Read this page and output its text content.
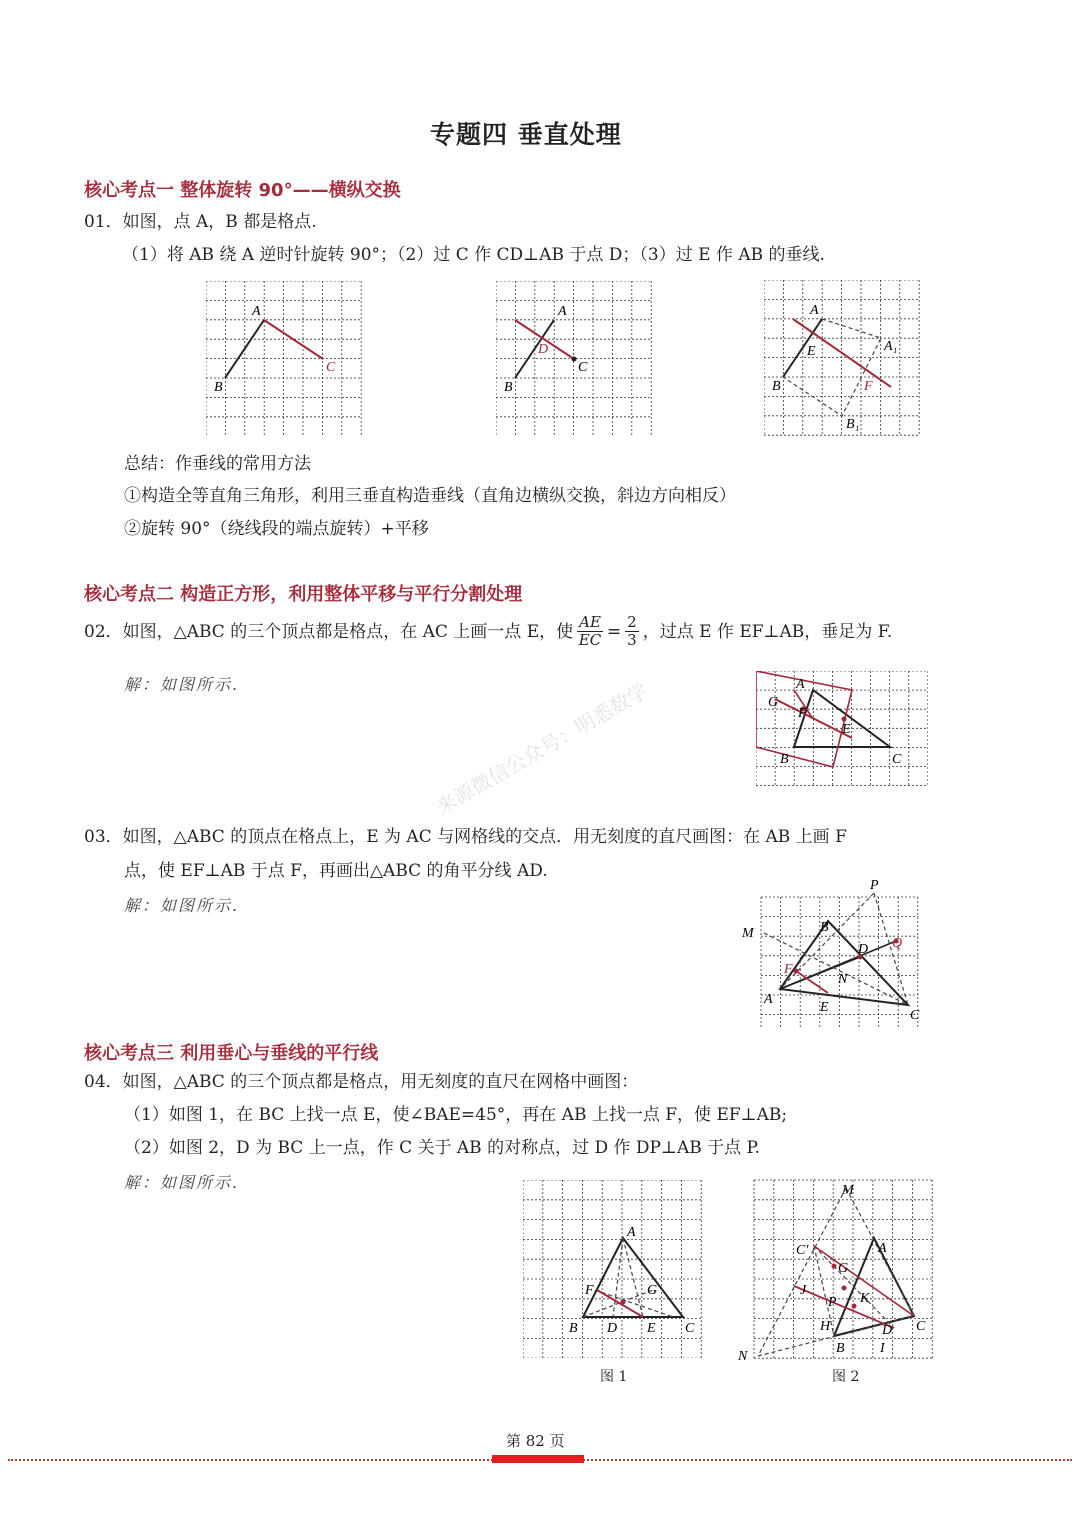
专题四 垂直处理
核心考点一 整体旋转 90°——横纵交换
01．如图，点 A，B 都是格点.
（1）将 AB 绕 A 逆时针旋转 90°；（2）过 C 作 CD⊥AB 于点 D；（3）过 E 作 AB 的垂线.
A
B
C
A
B
C
D
A
B
E
F
A₁
B₁
总结：作垂线的常用方法
①构造全等直角三角形，利用三垂直构造垂线（直角边横纵交换，斜边方向相反）
②旋转 90°（绕线段的端点旋转）+平移
核心考点二 构造正方形，利用整体平移与平行分割处理
02．如图，△ABC 的三个顶点都是格点，在 AC 上画一点 E，使 $\frac{AE}{EC} = \frac{2}{3}$ ，过点 E 作 EF⊥AB，垂足为 F.
解：如图所示.	A
B	C
E
F
G
来源微信公众号：明悉数学
03．如图，△ABC 的顶点在格点上，E 为 AC 与网格线的交点．用无刻度的直尺画图：在 AB 上画 F
点，使 EF⊥AB 于点 F，再画出△ABC 的角平分线 AD.
解：如图所示.
P
M	B
D Q
F
N
A
E
C
核心考点三 利用垂心与垂线的平行线
04．如图，△ABC 的三个顶点都是格点，用无刻度的直尺在网格中画图：
（1）如图 1，在 BC 上找一点 E，使∠BAE=45°，再在 AB 上找一点 F，使 EF⊥AB;
（2）如图 2，D 为 BC 上一点，作 C 关于 AB 的对称点，过 D 作 DP⊥AB 于点 P.
解：如图所示.
A
F	G
B D E C
图 1
M
C'	A
G
J
K
P
H	D C
B	I
N
图 2
第 82 页
